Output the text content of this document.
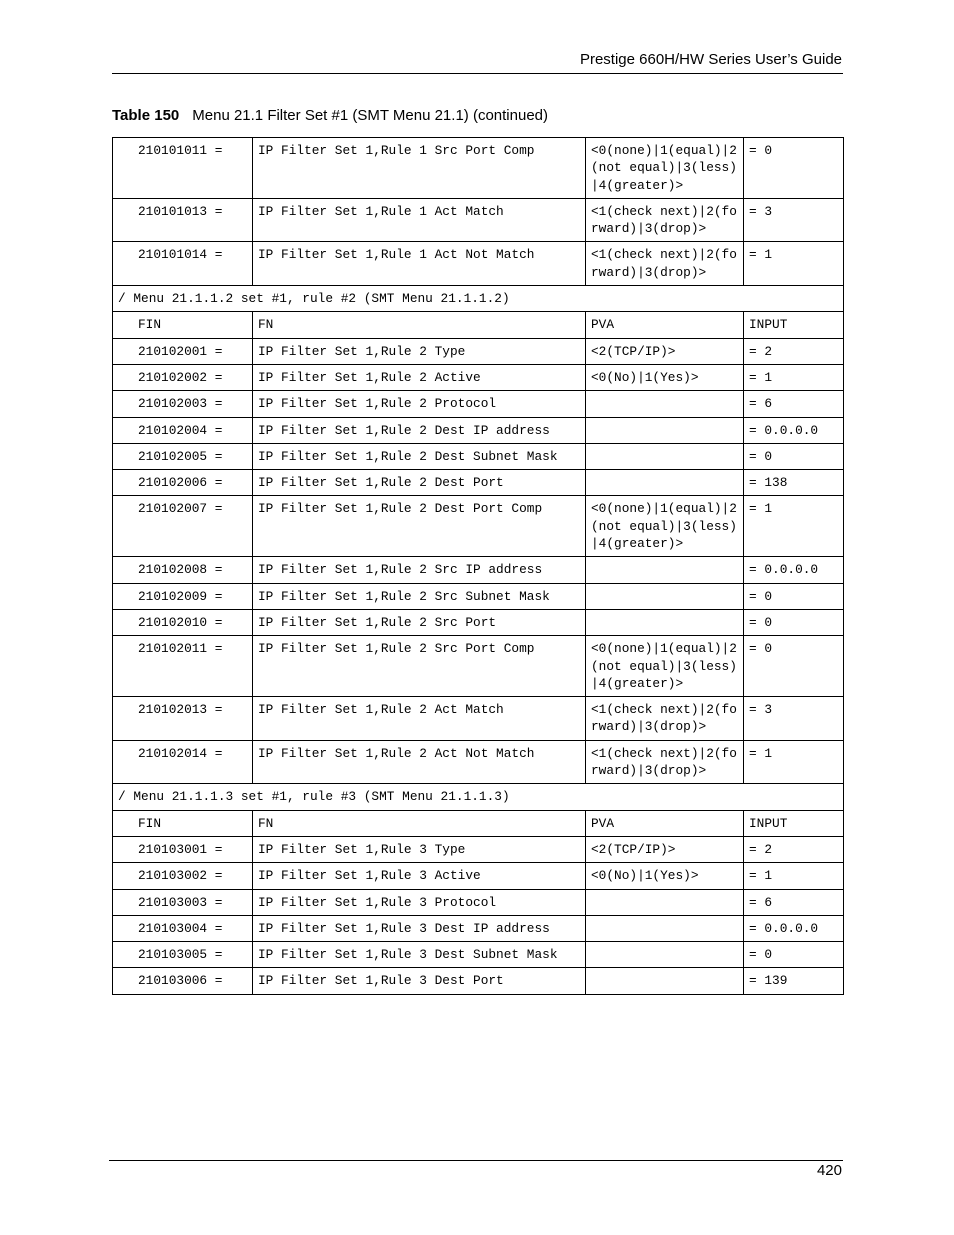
Prestige 660H/HW Series User’s Guide
Table 150 Menu 21.1 Filter Set #1 (SMT Menu 21.1) (continued)
210101011 =	IP Filter Set 1,Rule 1 Src Port Comp	<0(none)|1(equal)|2(not equal)|3(less)|4(greater)>	= 0
210101013 =	IP Filter Set 1,Rule 1 Act Match	<1(check next)|2(forward)|3(drop)>	= 3
210101014 =	IP Filter Set 1,Rule 1 Act Not Match	<1(check next)|2(forward)|3(drop)>	= 1
/ Menu 21.1.1.2 set #1, rule #2 (SMT Menu 21.1.1.2)			
FIN	FN	PVA	INPUT
210102001 =	IP Filter Set 1,Rule 2 Type	<2(TCP/IP)>	= 2
210102002 =	IP Filter Set 1,Rule 2 Active	<0(No)|1(Yes)>	= 1
210102003 =	IP Filter Set 1,Rule 2 Protocol		= 6
210102004 =	IP Filter Set 1,Rule 2 Dest IP address		= 0.0.0.0
210102005 =	IP Filter Set 1,Rule 2 Dest Subnet Mask		= 0
210102006 =	IP Filter Set 1,Rule 2 Dest Port		= 138
210102007 =	IP Filter Set 1,Rule 2 Dest Port Comp	<0(none)|1(equal)|2(not equal)|3(less)|4(greater)>	= 1
210102008 =	IP Filter Set 1,Rule 2 Src IP address		= 0.0.0.0
210102009 =	IP Filter Set 1,Rule 2 Src Subnet Mask		= 0
210102010 =	IP Filter Set 1,Rule 2 Src Port		= 0
210102011 =	IP Filter Set 1,Rule 2 Src Port Comp	<0(none)|1(equal)|2(not equal)|3(less)|4(greater)>	= 0
210102013 =	IP Filter Set 1,Rule 2 Act Match	<1(check next)|2(forward)|3(drop)>	= 3
210102014 =	IP Filter Set 1,Rule 2 Act Not Match	<1(check next)|2(forward)|3(drop)>	= 1
/ Menu 21.1.1.3 set #1, rule #3 (SMT Menu 21.1.1.3)			
FIN	FN	PVA	INPUT
210103001 =	IP Filter Set 1,Rule 3 Type	<2(TCP/IP)>	= 2
210103002 =	IP Filter Set 1,Rule 3 Active	<0(No)|1(Yes)>	= 1
210103003 =	IP Filter Set 1,Rule 3 Protocol		= 6
210103004 =	IP Filter Set 1,Rule 3 Dest IP address		= 0.0.0.0
210103005 =	IP Filter Set 1,Rule 3 Dest Subnet Mask		= 0
210103006 =	IP Filter Set 1,Rule 3 Dest Port		= 139
420
